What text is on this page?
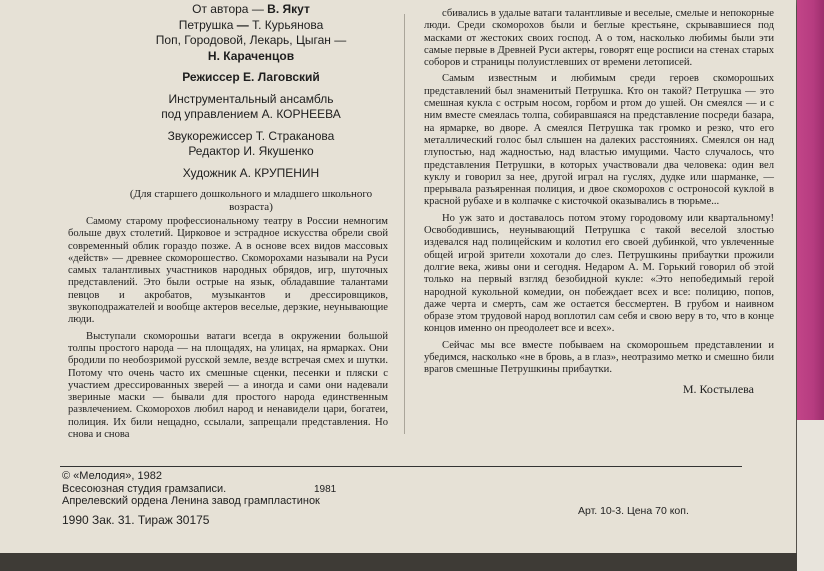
От автора — В. Якут
Петрушка — Т. Курьянова
Поп, Городовой, Лекарь, Цыган —
Н. Караченцов
Режиссер Е. Лаговский
Инструментальный ансамбль
под управлением А. КОРНЕЕВА
Звукорежиссер Т. Страканова
Редактор И. Якушенко
Художник А. КРУПЕНИН
(Для старшего дошкольного и младшего школьного возраста)

Самому старому профессиональному театру в России немногим больше двух столетий. Цирковое и эстрадное искусства обрели свой современный облик гораздо позже. А в основе всех видов массовых «действ» — древнее скоморошество. Скоморохами называли на Руси самых талантливых участников народных обрядов, игр, шуточных представлений. Это были острые на язык, обладавшие талантами певцов и акробатов, музыкантов и дрессировщиков, звукоподражателей и вообще актеров веселые, дерзкие, неунывающие люди.

Выступали скоморошьи ватаги всегда в окружении большой толпы простого народа — на площадях, на улицах, на ярмарках. Они бродили по необозримой русской земле, везде встречая смех и шутки. Потому что очень часто их смешные сценки, песенки и пляски с участием дрессированных зверей — а иногда и сами они надевали звериные маски — бывали для простого народа единственным развлечением. Скоморохов любил народ и ненавидели цари, богатеи, полиция. Их били нещадно, ссылали, запрещали представления. Но снова и снова

сбивались в удалые ватаги талантливые и веселые, смелые и непокорные люди. Среди скоморохов были и беглые крестьяне, скрывавшиеся под масками от жестоких своих господ. А о том, насколько любимы были эти самые первые в Древней Руси актеры, говорят еще росписи на стенах старых соборов и страницы полуистлевших от времени летописей.

Самым известным и любимым среди героев скоморошьих представлений был знаменитый Петрушка. Кто он такой? Петрушка — это смешная кукла с острым носом, горбом и ртом до ушей. Он смеялся — и с ним вместе смеялась толпа, собиравшаяся на представление посреди базара, на ярмарке, во дворе. А смеялся Петрушка так громко и резко, что его металлический голос был слышен на далеких расстояниях. Смеялся он над глупостью, над жадностью, над властью имущими. Часто случалось, что представления Петрушки, в которых участвовали два человека: один вел куклу и говорил за нее, другой играл на гуслях, дудке или шарманке, — прерывала разъяренная полиция, и двое скоморохов с остроносой куклой в красной рубахе и в колпачке с кисточкой оказывались в тюрьме...

Но уж зато и доставалось потом этому городовому или квартальному! Освободившись, неунывающий Петрушка с такой веселой злостью издевался над полицейским и колотил его своей дубинкой, что увлеченные общей игрой зрители хохотали до слез. Петрушкины прибаутки прожили долгие века, живы они и сегодня. Недаром А. М. Горький говорил об этой только на первый взгляд безобидной кукле: «Это непобедимый герой народной кукольной комедии, он побеждает всех и все: полицию, попов, даже черта и смерть, сам же остается бессмертен. В грубом и наивном образе этом трудовой народ воплотил сам себя и свою веру в то, что в конце концов именно он преодолеет все и всех».

Сейчас мы все вместе побываем на скоморошьем представлении и убедимся, насколько «не в бровь, а в глаз», неотразимо метко и смешно били врагов смешные Петрушкины прибаутки.

М. Костылева

© «Мелодия», 1982
Всесоюзная студия грамзаписи.	1981
Апрелевский ордена Ленина завод грампластинок
1990 Зак. 31. Тираж 30175
Арт. 10-3. Цена 70 коп.
